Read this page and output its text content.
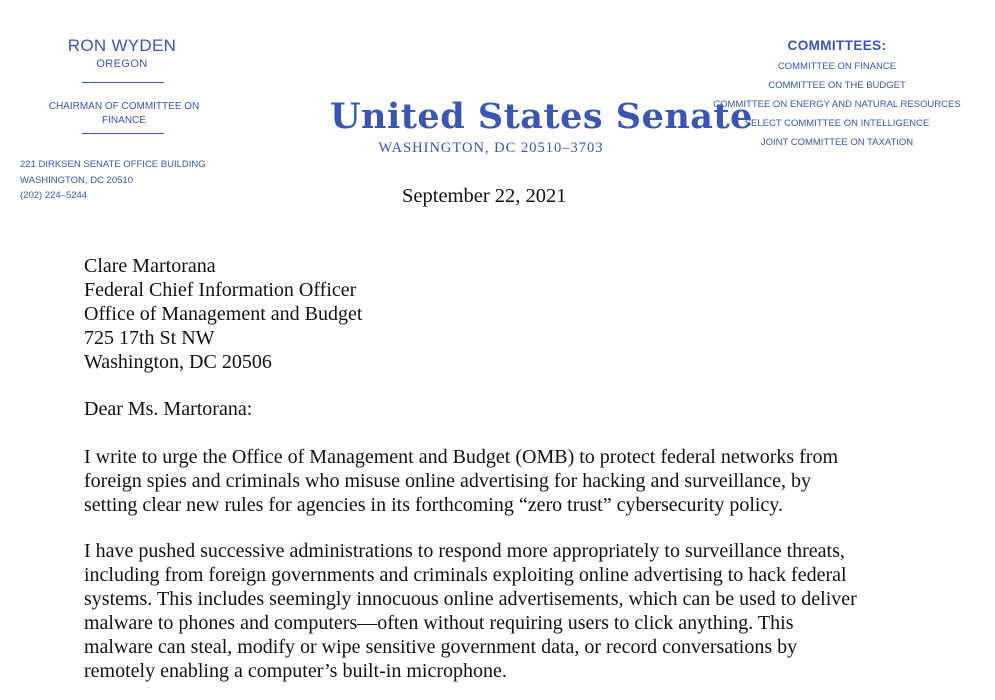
RON WYDEN
OREGON
CHAIRMAN OF COMMITTEE ON
FINANCE
221 DIRKSEN SENATE OFFICE BUILDING
WASHINGTON, DC 20510
(202) 224–5244
United States Senate
WASHINGTON, DC 20510–3703
COMMITTEES:
COMMITTEE ON FINANCE
COMMITTEE ON THE BUDGET
COMMITTEE ON ENERGY AND NATURAL RESOURCES
SELECT COMMITTEE ON INTELLIGENCE
JOINT COMMITTEE ON TAXATION
September 22, 2021
Clare Martorana
Federal Chief Information Officer
Office of Management and Budget
725 17th St NW
Washington, DC 20506
Dear Ms. Martorana:
I write to urge the Office of Management and Budget (OMB) to protect federal networks from
foreign spies and criminals who misuse online advertising for hacking and surveillance, by
setting clear new rules for agencies in its forthcoming “zero trust” cybersecurity policy.
I have pushed successive administrations to respond more appropriately to surveillance threats,
including from foreign governments and criminals exploiting online advertising to hack federal
systems. This includes seemingly innocuous online advertisements, which can be used to deliver
malware to phones and computers—often without requiring users to click anything. This
malware can steal, modify or wipe sensitive government data, or record conversations by
remotely enabling a computer’s built-in microphone.
